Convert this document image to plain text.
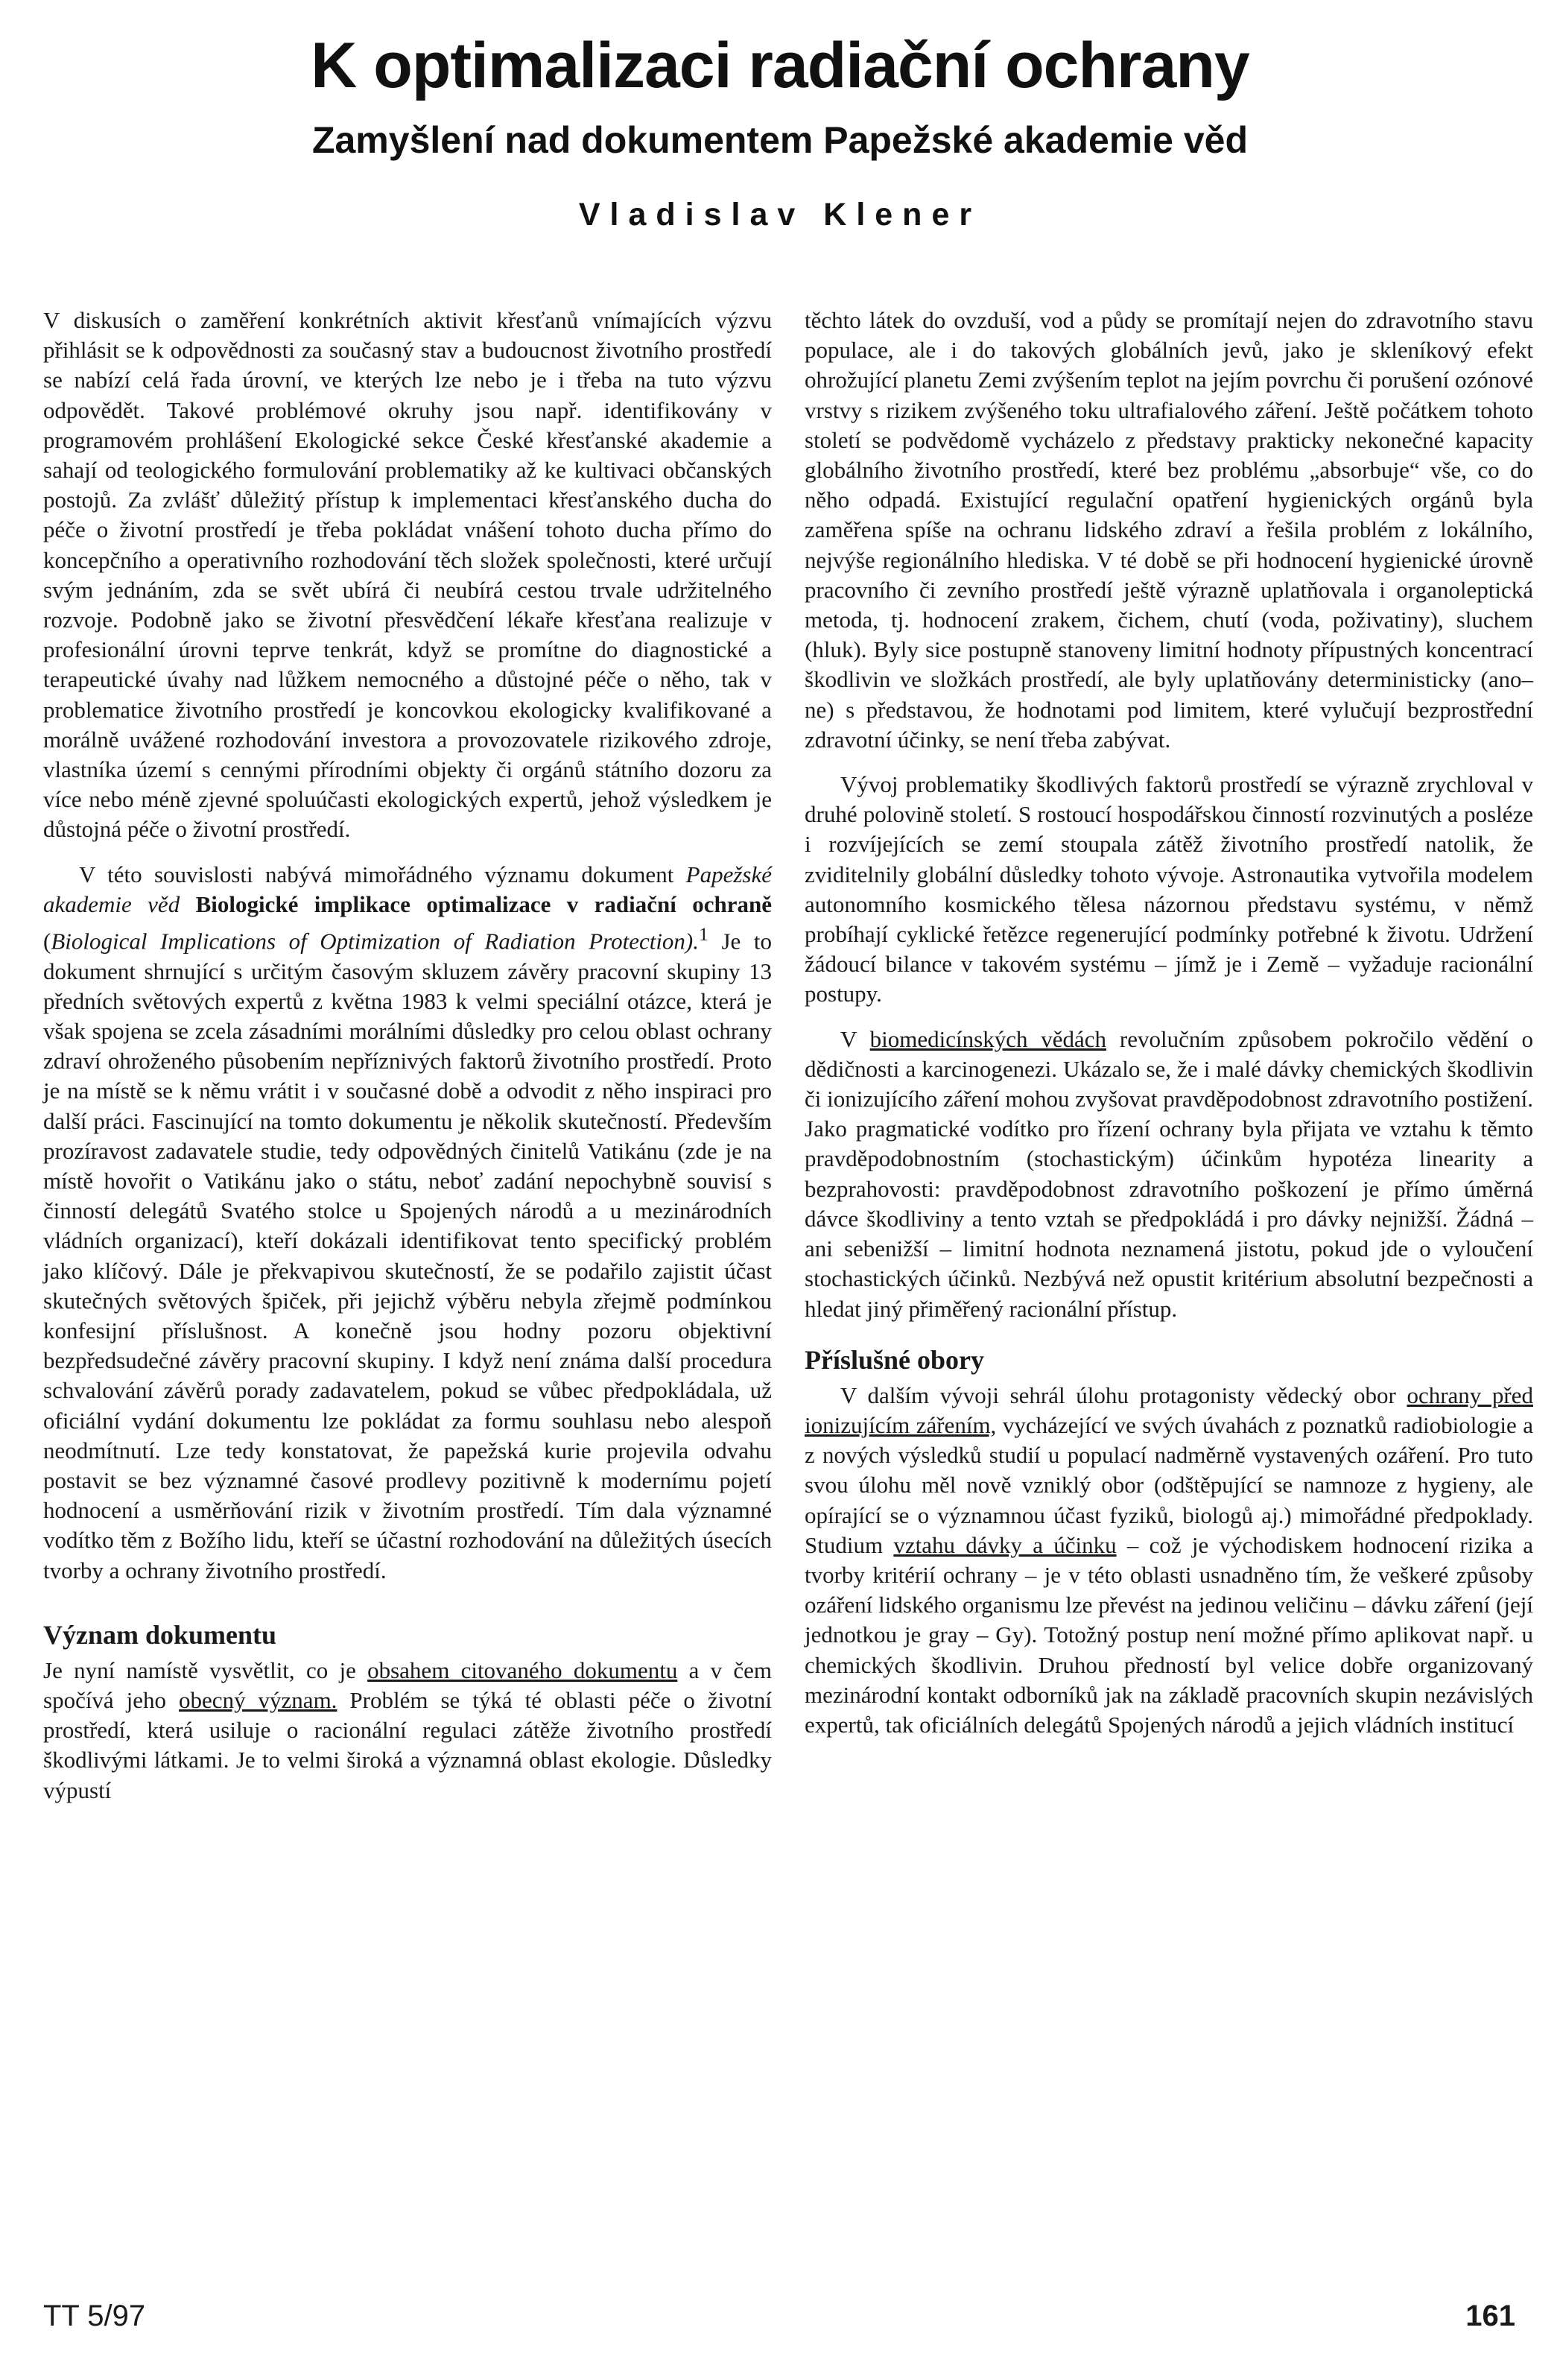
K optimalizaci radiační ochrany
Zamyšlení nad dokumentem Papežské akademie věd
Vladislav Klener

V diskusích o zaměření konkrétních aktivit křesťanů vnímajících výzvu přihlásit se k odpovědnosti za současný stav a budoucnost životního prostředí se nabízí celá řada úrovní, ve kterých lze nebo je i třeba na tuto výzvu odpovědět. Takové problémové okruhy jsou např. identifikovány v programovém prohlášení Ekologické sekce České křesťanské akademie a sahají od teologického formulování problematiky až ke kultivaci občanských postojů. Za zvlášť důležitý přístup k implementaci křesťanského ducha do péče o životní prostředí je třeba pokládat vnášení tohoto ducha přímo do koncepčního a operativního rozhodování těch složek společnosti, které určují svým jednáním, zda se svět ubírá či neubírá cestou trvale udržitelného rozvoje. Podobně jako se životní přesvědčení lékaře křesťana realizuje v profesionální úrovni teprve tenkrát, když se promítne do diagnostické a terapeutické úvahy nad lůžkem nemocného a důstojné péče o něho, tak v problematice životního prostředí je koncovkou ekologicky kvalifikované a morálně uvážené rozhodování investora a provozovatele rizikového zdroje, vlastníka území s cennými přírodními objekty či orgánů státního dozoru za více nebo méně zjevné spoluúčasti ekologických expertů, jehož výsledkem je důstojná péče o životní prostředí.

V této souvislosti nabývá mimořádného významu dokument Papežské akademie věd Biologické implikace optimalizace v radiační ochraně (Biological Implications of Optimization of Radiation Protection).$^1$ Je to dokument shrnující s určitým časovým skluzem závěry pracovní skupiny 13 předních světových expertů z května 1983 k velmi speciální otázce, která je však spojena se zcela zásadními morálními důsledky pro celou oblast ochrany zdraví ohroženého působením nepříznivých faktorů životního prostředí. Proto je na místě se k němu vrátit i v současné době a odvodit z něho inspiraci pro další práci. Fascinující na tomto dokumentu je několik skutečností. Především prozíravost zadavatele studie, tedy odpovědných činitelů Vatikánu (zde je na místě hovořit o Vatikánu jako o státu, neboť zadání nepochybně souvisí s činností delegátů Svatého stolce u Spojených národů a u mezinárodních vládních organizací), kteří dokázali identifikovat tento specifický problém jako klíčový. Dále je překvapivou skutečností, že se podařilo zajistit účast skutečných světových špiček, při jejichž výběru nebyla zřejmě podmínkou konfesijní příslušnost. A konečně jsou hodny pozoru objektivní bezpředsudečné závěry pracovní skupiny. I když není známa další procedura schvalování závěrů porady zadavatelem, pokud se vůbec předpokládala, už oficiální vydání dokumentu lze pokládat za formu souhlasu nebo alespoň neodmítnutí. Lze tedy konstatovat, že papežská kurie projevila odvahu postavit se bez významné časové prodlevy pozitivně k modernímu pojetí hodnocení a usměrňování rizik v životním prostředí. Tím dala významné vodítko těm z Božího lidu, kteří se účastní rozhodování na důležitých úsecích tvorby a ochrany životního prostředí.

Význam dokumentu

Je nyní namístě vysvětlit, co je obsahem citovaného dokumentu a v čem spočívá jeho obecný význam. Problém se týká té oblasti péče o životní prostředí, která usiluje o racionální regulaci zátěže životního prostředí škodlivými látkami. Je to velmi široká a významná oblast ekologie. Důsledky výpustí

těchto látek do ovzduší, vod a půdy se promítají nejen do zdravotního stavu populace, ale i do takových globálních jevů, jako je skleníkový efekt ohrožující planetu Zemi zvýšením teplot na jejím povrchu či porušení ozónové vrstvy s rizikem zvýšeného toku ultrafialového záření. Ještě počátkem tohoto století se podvědomě vycházelo z představy prakticky nekonečné kapacity globálního životního prostředí, které bez problému „absorbuje“ vše, co do něho odpadá. Existující regulační opatření hygienických orgánů byla zaměřena spíše na ochranu lidského zdraví a řešila problém z lokálního, nejvýše regionálního hlediska. V té době se při hodnocení hygienické úrovně pracovního či zevního prostředí ještě výrazně uplatňovala i organoleptická metoda, tj. hodnocení zrakem, čichem, chutí (voda, poživatiny), sluchem (hluk). Byly sice postupně stanoveny limitní hodnoty přípustných koncentrací škodlivin ve složkách prostředí, ale byly uplatňovány deterministicky (ano–ne) s představou, že hodnotami pod limitem, které vylučují bezprostřední zdravotní účinky, se není třeba zabývat.

Vývoj problematiky škodlivých faktorů prostředí se výrazně zrychloval v druhé polovině století. S rostoucí hospodářskou činností rozvinutých a posléze i rozvíjejících se zemí stoupala zátěž životního prostředí natolik, že zviditelnily globální důsledky tohoto vývoje. Astronautika vytvořila modelem autonomního kosmického tělesa názornou představu systému, v němž probíhají cyklické řetězce regenerující podmínky potřebné k životu. Udržení žádoucí bilance v takovém systému – jímž je i Země – vyžaduje racionální postupy.

V biomedicínských vědách revolučním způsobem pokročilo vědění o dědičnosti a karcinogenezi. Ukázalo se, že i malé dávky chemických škodlivin či ionizujícího záření mohou zvyšovat pravděpodobnost zdravotního postižení. Jako pragmatické vodítko pro řízení ochrany byla přijata ve vztahu k těmto pravděpodobnostním (stochastickým) účinkům hypotéza linearity a bezprahovosti: pravděpodobnost zdravotního poškození je přímo úměrná dávce škodliviny a tento vztah se předpokládá i pro dávky nejnižší. Žádná – ani sebenižší – limitní hodnota neznamená jistotu, pokud jde o vyloučení stochastických účinků. Nezbývá než opustit kritérium absolutní bezpečnosti a hledat jiný přiměřený racionální přístup.

Příslušné obory

V dalším vývoji sehrál úlohu protagonisty vědecký obor ochrany před ionizujícím zářením, vycházející ve svých úvahách z poznatků radiobiologie a z nových výsledků studií u populací nadměrně vystavených ozáření. Pro tuto svou úlohu měl nově vzniklý obor (odštěpující se namnoze z hygieny, ale opírající se o významnou účast fyziků, biologů aj.) mimořádné předpoklady. Studium vztahu dávky a účinku – což je východiskem hodnocení rizika a tvorby kritérií ochrany – je v této oblasti usnadněno tím, že veškeré způsoby ozáření lidského organismu lze převést na jedinou veličinu – dávku záření (její jednotkou je gray – Gy). Totožný postup není možné přímo aplikovat např. u chemických škodlivin. Druhou předností byl velice dobře organizovaný mezinárodní kontakt odborníků jak na základě pracovních skupin nezávislých expertů, tak oficiálních delegátů Spojených národů a jejich vládních institucí

TT 5/97	161
